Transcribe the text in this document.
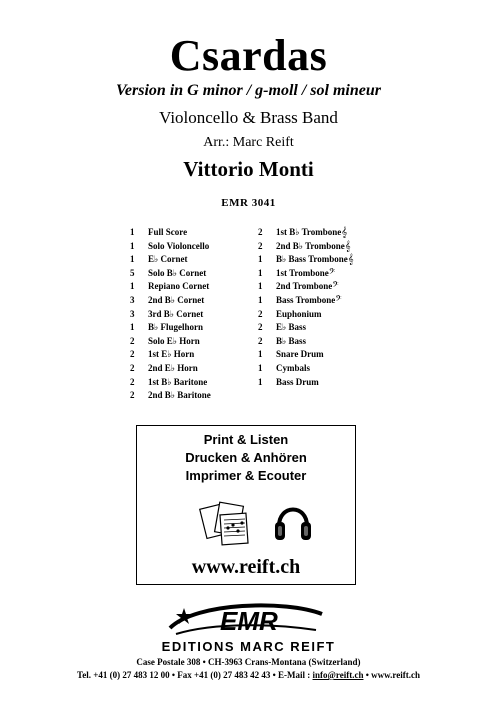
Csardas
Version in G minor / g-moll / sol mineur
Violoncello & Brass Band
Arr.: Marc Reift
Vittorio Monti
EMR 3041
1	Full Score
1	Solo Violoncello
1	E♭ Cornet
5	Solo B♭ Cornet
1	Repiano Cornet
3	2nd B♭ Cornet
3	3rd B♭ Cornet
1	B♭ Flugelhorn
2	Solo E♭ Horn
2	1st E♭ Horn
2	2nd E♭ Horn
2	1st B♭ Baritone
2	2nd B♭ Baritone
2	1st B♭ Trombone𝄞
2	2nd B♭ Trombone𝄞
1	B♭ Bass Trombone𝄞
1	1st Trombone𝄢
1	2nd Trombone𝄢
1	Bass Trombone𝄢
2	Euphonium
2	E♭ Bass
2	B♭ Bass
1	Snare Drum
1	Cymbals
1	Bass Drum
Print & Listen
Drucken & Anhören
Imprimer & Ecouter
www.reift.ch
EMR
EDITIONS MARC REIFT
Case Postale 308 • CH-3963 Crans-Montana (Switzerland)
Tel. +41 (0) 27 483 12 00 • Fax +41 (0) 27 483 42 43 • E-Mail : info@reift.ch • www.reift.ch
